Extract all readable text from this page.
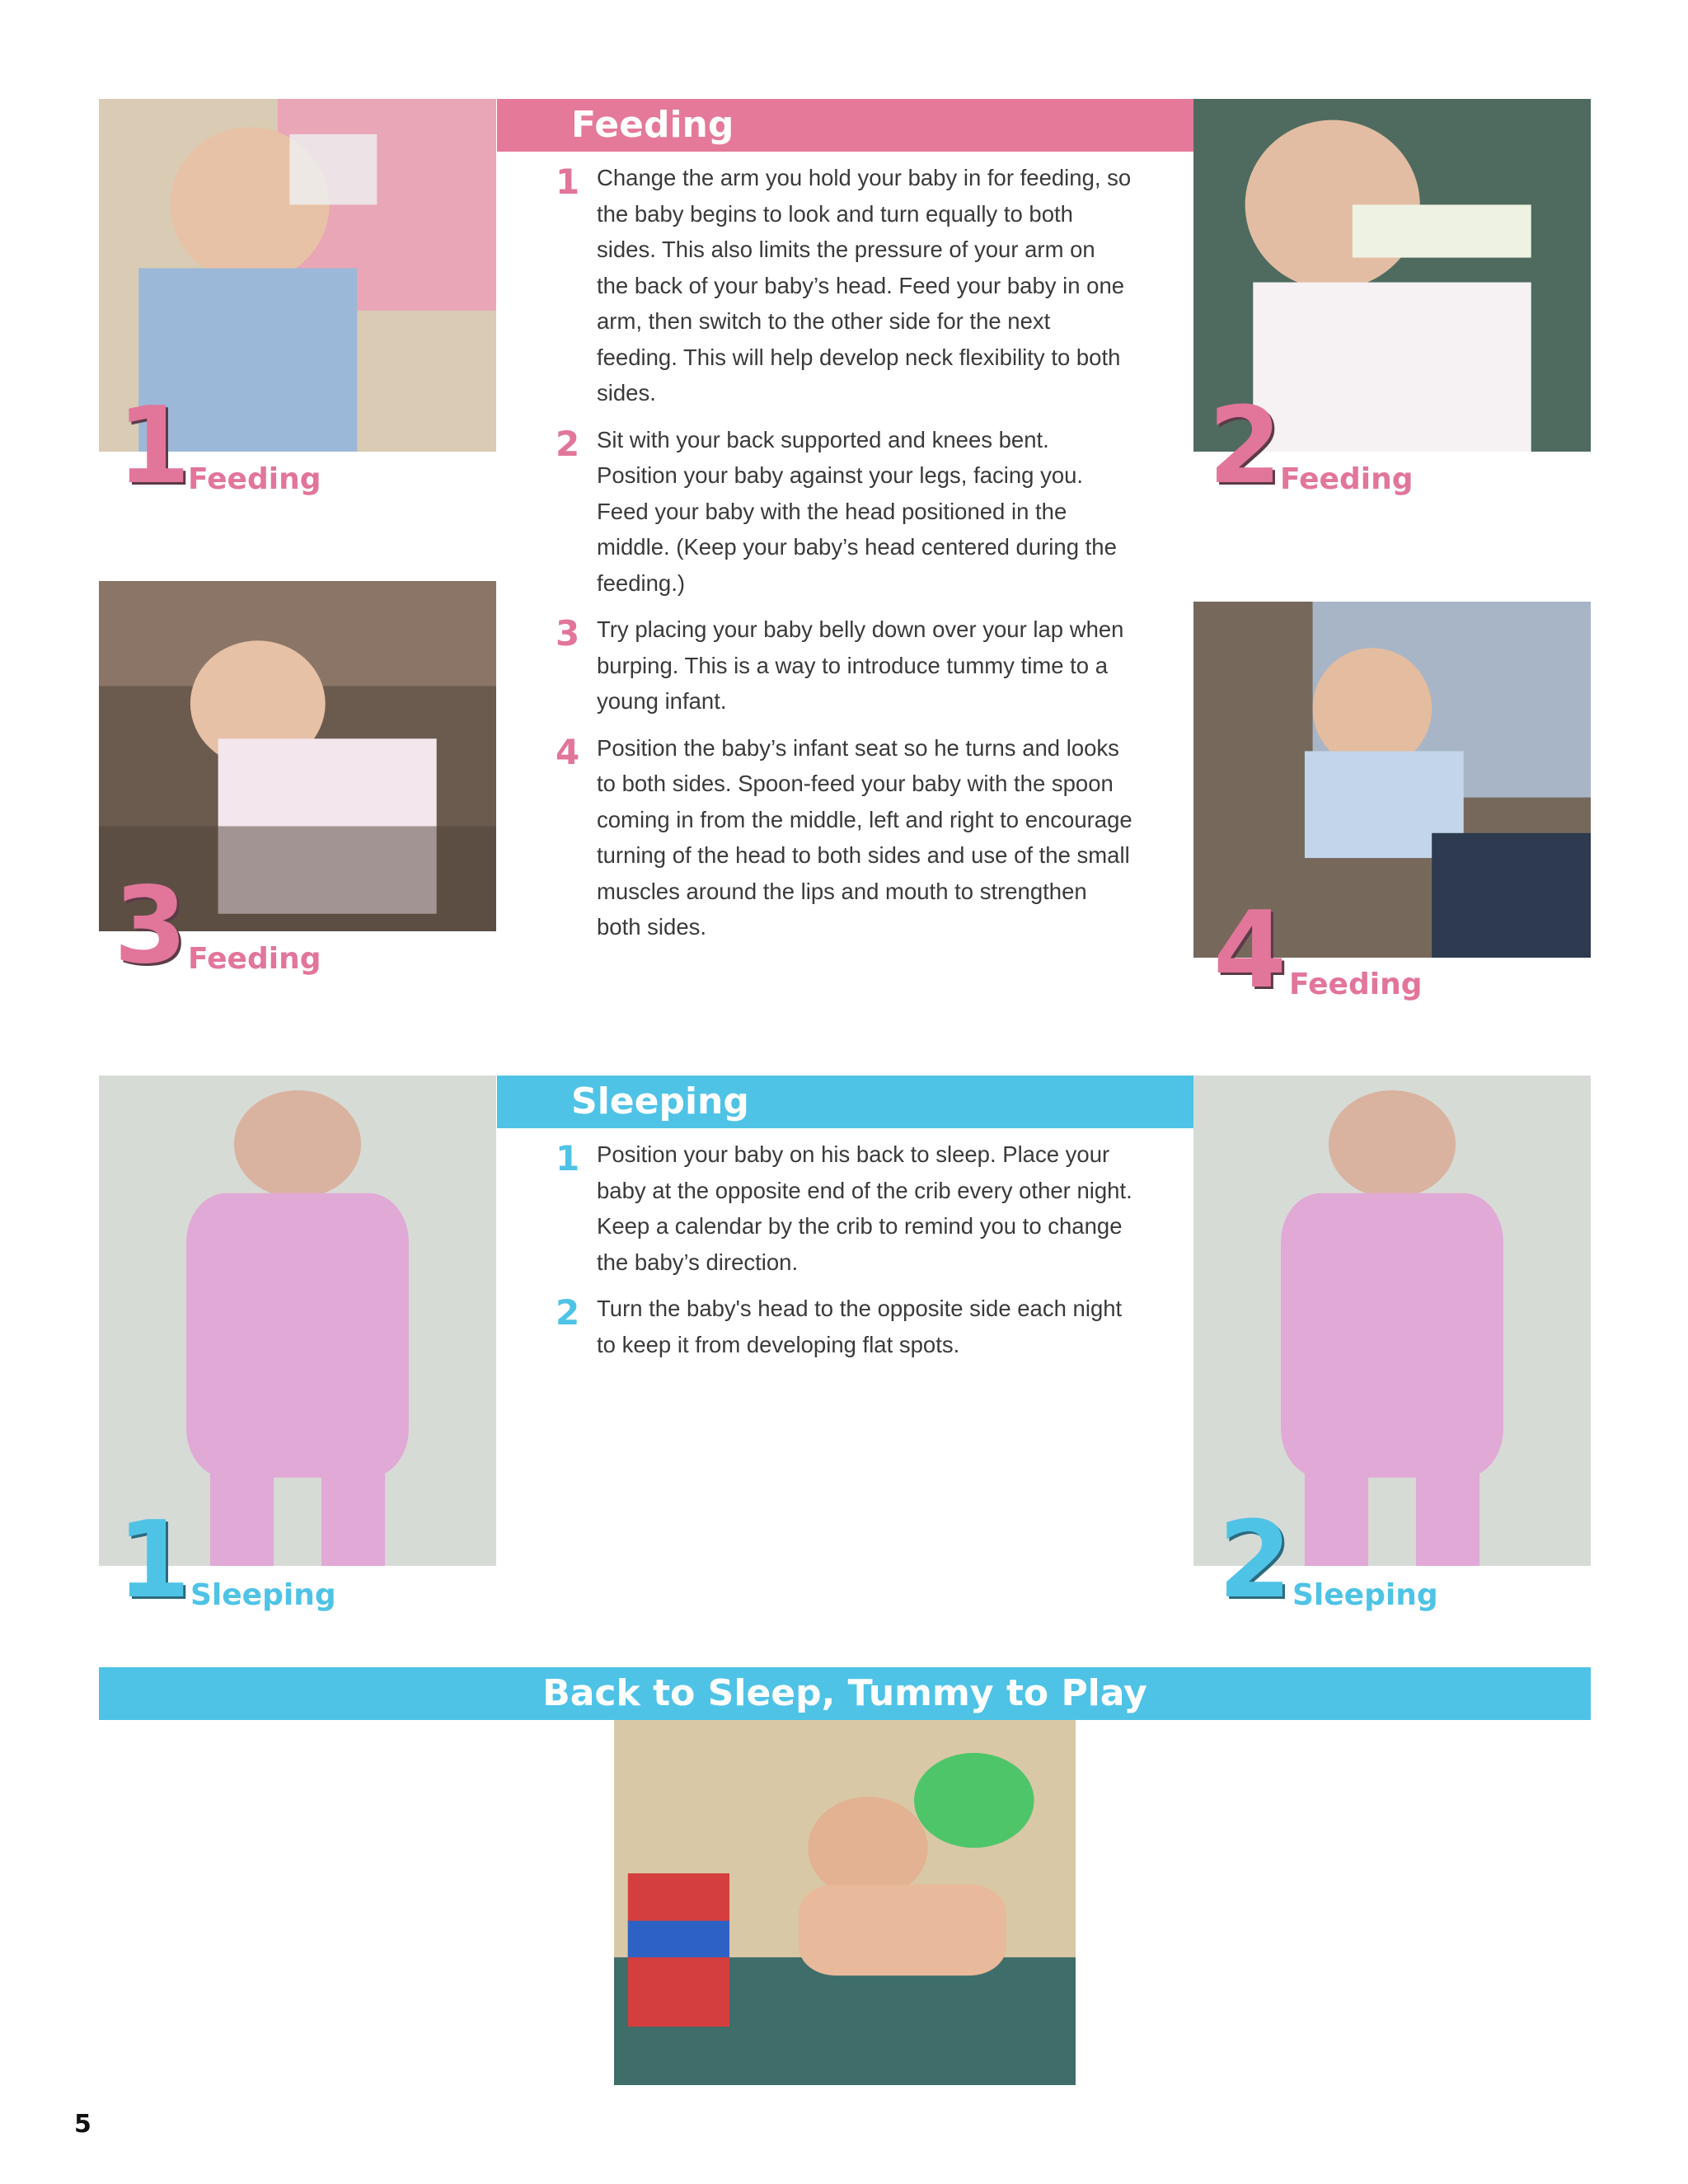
1 Feeding
3 Feeding
Feeding
1 Change the arm you hold your baby in for feeding, so the baby begins to look and turn equally to both sides. This also limits the pressure of your arm on the back of your baby’s head. Feed your baby in one arm, then switch to the other side for the next feeding. This will help develop neck flexibility to both sides.
2 Sit with your back supported and knees bent. Position your baby against your legs, facing you. Feed your baby with the head positioned in the middle. (Keep your baby’s head centered during the feeding.)
3 Try placing your baby belly down over your lap when burping. This is a way to introduce tummy time to a young infant.
4 Position the baby’s infant seat so he turns and looks to both sides. Spoon-feed your baby with the spoon coming in from the middle, left and right to encourage turning of the head to both sides and use of the small muscles around the lips and mouth to strengthen both sides.
2 Feeding
4 Feeding
1 Sleeping
Sleeping
1 Position your baby on his back to sleep. Place your baby at the opposite end of the crib every other night. Keep a calendar by the crib to remind you to change the baby’s direction.
2 Turn the baby's head to the opposite side each night to keep it from developing flat spots.
2 Sleeping
Back to Sleep, Tummy to Play
5
